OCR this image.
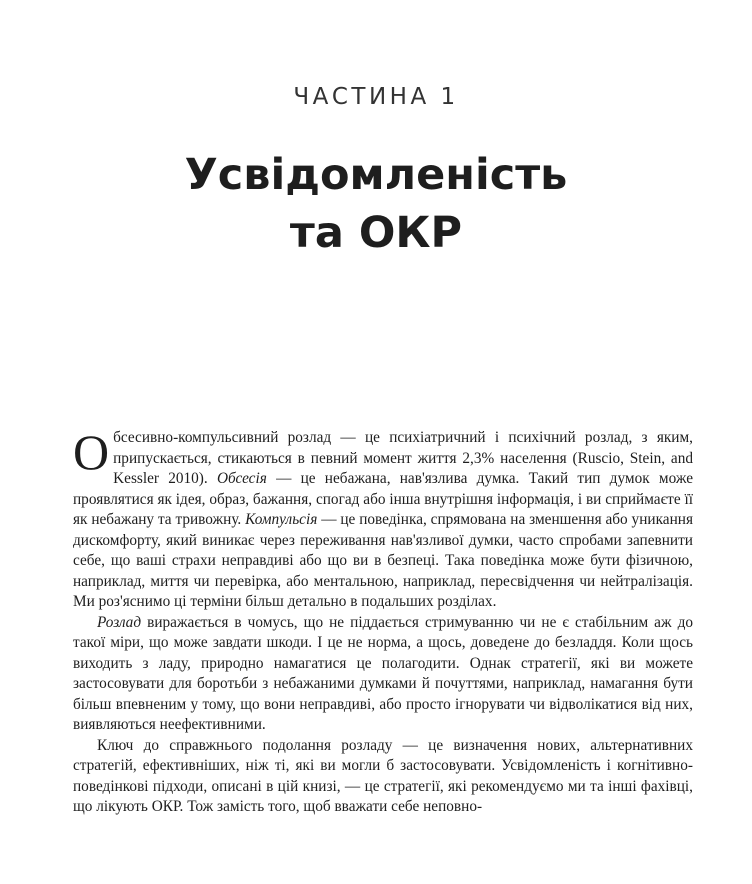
ЧАСТИНА 1
Усвідомленість
та ОКР

Обсесивно-компульсивний розлад — це психіатричний і психічний розлад, з яким, припускається, стикаються в певний момент життя 2,3% населення (Ruscio, Stein, and Kessler 2010). Обсесія — це небажана, нав'язлива думка. Такий тип думок може проявлятися як ідея, образ, бажання, спогад або інша внутрішня інформація, і ви сприймаєте її як небажану та тривожну. Компульсія — це поведінка, спрямована на зменшення або уникання дискомфорту, який виникає через переживання нав'язливої думки, часто спробами запевнити себе, що ваші страхи неправдиві або що ви в безпеці. Така поведінка може бути фізичною, наприклад, миття чи перевірка, або ментальною, наприклад, пересвідчення чи нейтралізація. Ми роз'яснимо ці терміни більш детально в подальших розділах.

Розлад виражається в чомусь, що не піддається стримуванню чи не є стабільним аж до такої міри, що може завдати шкоди. І це не норма, а щось, доведене до безладдя. Коли щось виходить з ладу, природно намагатися це полагодити. Однак стратегії, які ви можете застосовувати для боротьби з небажаними думками й почуттями, наприклад, намагання бути більш впевненим у тому, що вони неправдиві, або просто ігнорувати чи відволікатися від них, виявляються неефективними.

Ключ до справжнього подолання розладу — це визначення нових, альтернативних стратегій, ефективніших, ніж ті, які ви могли б застосовувати. Усвідомленість і когнітивно-поведінкові підходи, описані в цій книзі, — це стратегії, які рекомендуємо ми та інші фахівці, що лікують ОКР. Тож замість того, щоб вважати себе неповно-
